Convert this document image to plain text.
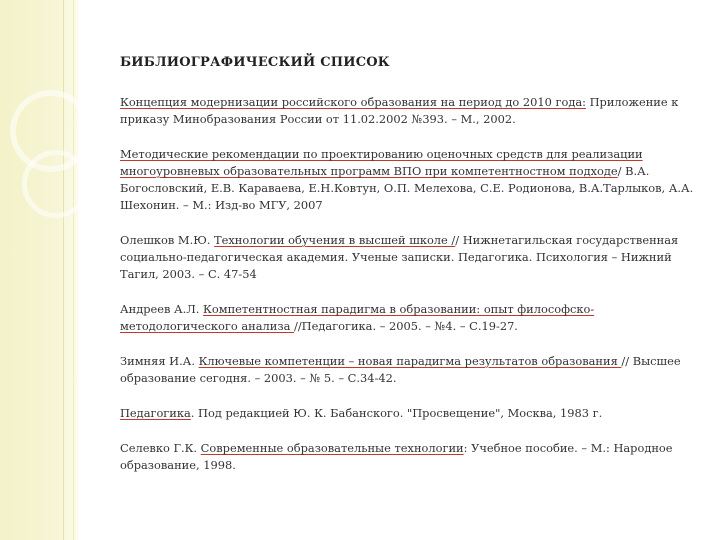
БИБЛИОГРАФИЧЕСКИЙ СПИСОК

Концепция модернизации российского образования на период до 2010 года: Приложение к приказу Минобразования России от 11.02.2002 №393. – М., 2002.

Методические рекомендации по проектированию оценочных средств для реализации многоуровневых образовательных программ ВПО при компетентностном подходе/ В.А. Богословский, Е.В. Караваева, Е.Н.Ковтун, О.П. Мелехова, С.Е. Родионова, В.А.Тарлыков, А.А. Шехонин. – М.: Изд-во МГУ, 2007

Олешков М.Ю. Технологии обучения в высшей школе // Нижнетагильская государственная социально-педагогическая академия. Ученые записки. Педагогика. Психология – Нижний Тагил, 2003. – С. 47-54

Андреев А.Л. Компетентностная парадигма в образовании: опыт философско-методологического анализа //Педагогика. – 2005. – №4. – С.19-27.

Зимняя И.А. Ключевые компетенции – новая парадигма результатов образования // Высшее образование сегодня. – 2003. – № 5. – С.34-42.

Педагогика. Под редакцией Ю. К. Бабанского. "Просвещение", Москва, 1983 г.

Селевко Г.К. Современные образовательные технологии: Учебное пособие. – М.: Народное образование, 1998.
